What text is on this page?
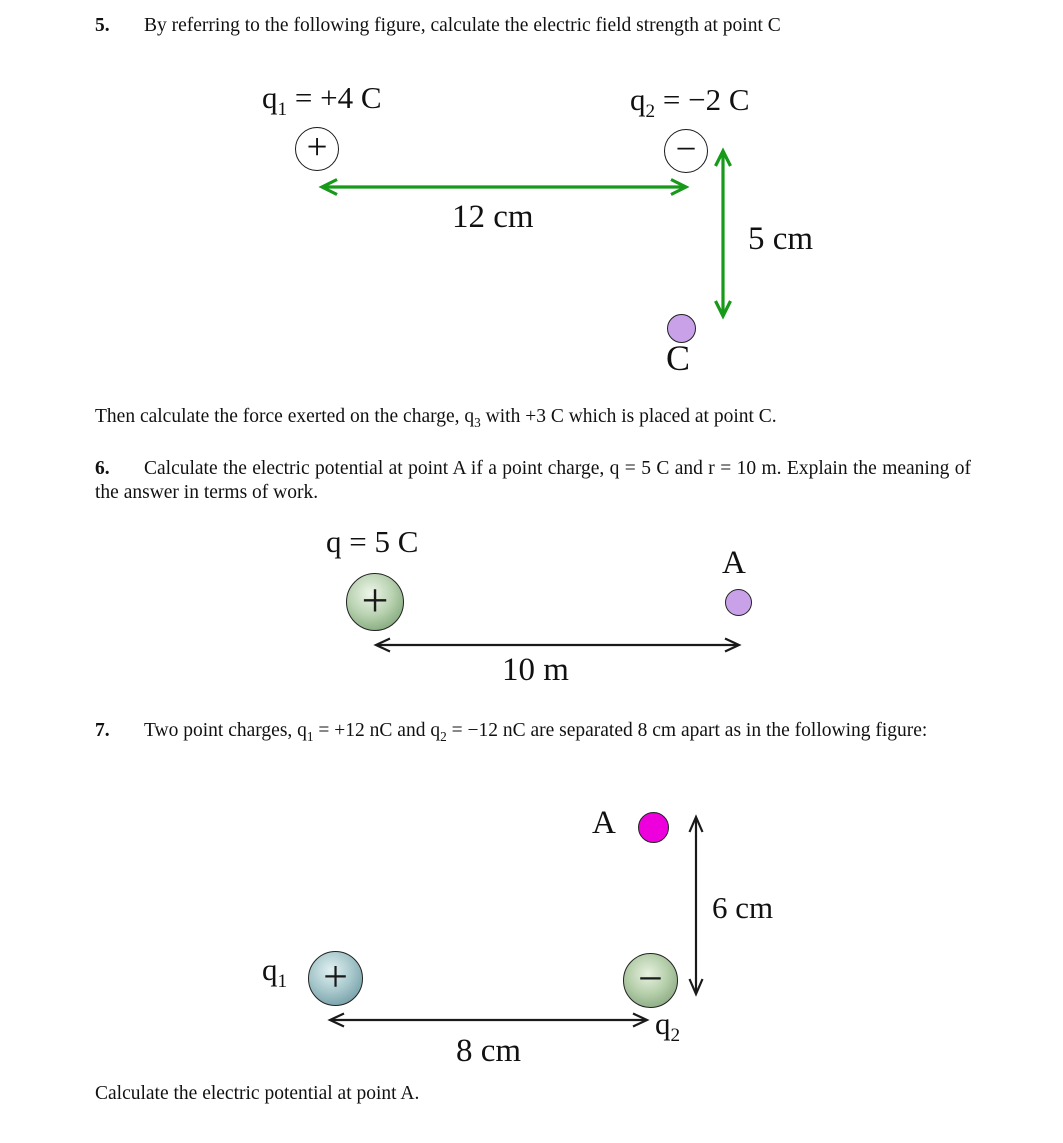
5. By referring to the following figure, calculate the electric field strength at point C
$q_1 = +4$ C
+
$q_2 = -2$ C
−
12 cm
5 cm
C
Then calculate the force exerted on the charge, $q_3$ with +3 C which is placed at point C.
6. Calculate the electric potential at point A if a point charge, q = 5 C and r = 10 m. Explain the meaning of the answer in terms of work.
q = 5 C
+
A
10 m
7. Two point charges, $q_1 = +12$ nC and $q_2 = -12$ nC are separated 8 cm apart as in the following figure:
A
6 cm
$q_1$ +	−
$q_2$
8 cm
Calculate the electric potential at point A.
